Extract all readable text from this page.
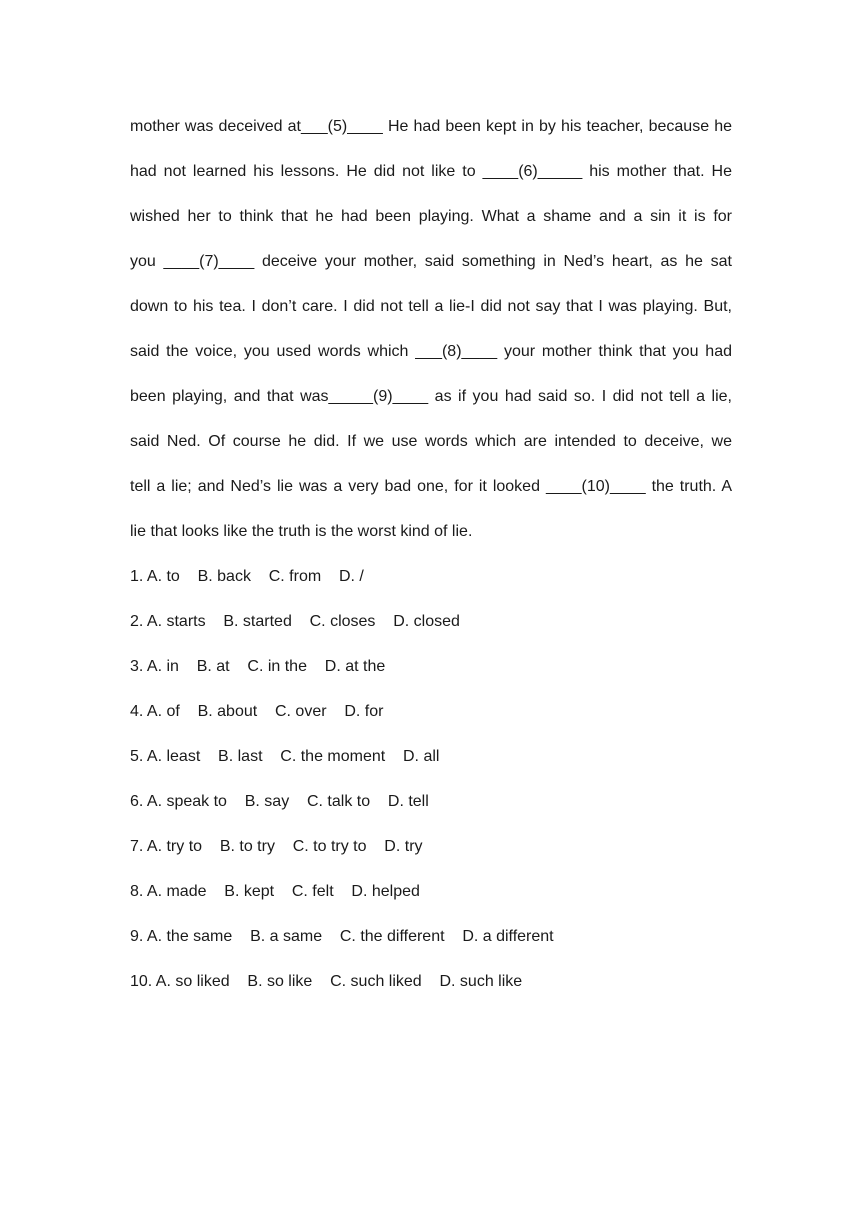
mother was deceived at___(5)____ He had been kept in by his teacher, because he
had not learned his lessons. He did not like to ____(6)_____ his mother that. He
wished her to think that he had been playing. What a shame and a sin it is for
you ____(7)____ deceive your mother, said something in Ned’s heart, as he sat
down to his tea. I don’t care. I did not tell a lie-I did not say that I was playing. But,
said the voice, you used words which ___(8)____ your mother think that you had
been playing, and that was_____(9)____ as if you had said so. I did not tell a lie,
said Ned. Of course he did. If we use words which are intended to deceive, we
tell a lie; and Ned’s lie was a very bad one, for it looked ____(10)____ the truth. A
lie that looks like the truth is the worst kind of lie.
1. A. to    B. back    C. from    D. /
2. A. starts    B. started    C. closes    D. closed
3. A. in    B. at    C. in the    D. at the
4. A. of    B. about    C. over    D. for
5. A. least    B. last    C. the moment    D. all
6. A. speak to    B. say    C. talk to    D. tell
7. A. try to    B. to try    C. to try to    D. try
8. A. made    B. kept    C. felt    D. helped
9. A. the same    B. a same    C. the different    D. a different
10. A. so liked    B. so like    C. such liked    D. such like
